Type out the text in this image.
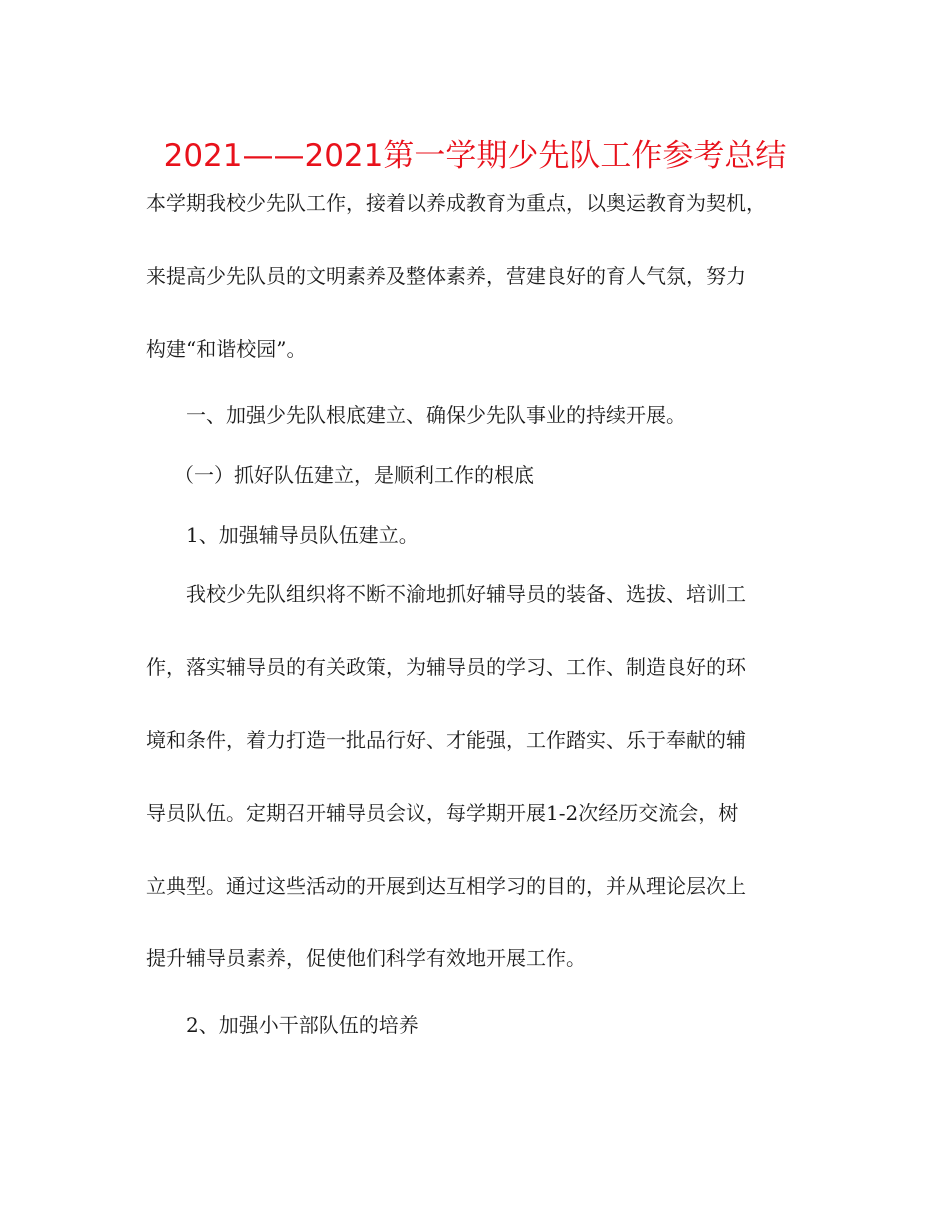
2021——2021第一学期少先队工作参考总结
本学期我校少先队工作，接着以养成教育为重点，以奥运教育为契机，
来提高少先队员的文明素养及整体素养，营建良好的育人气氛，努力
构建“和谐校园”。
一、加强少先队根底建立、确保少先队事业的持续开展。
（一）抓好队伍建立，是顺利工作的根底
1、加强辅导员队伍建立。
我校少先队组织将不断不渝地抓好辅导员的装备、选拔、培训工
作，落实辅导员的有关政策，为辅导员的学习、工作、制造良好的环
境和条件，着力打造一批品行好、才能强，工作踏实、乐于奉献的辅
导员队伍。定期召开辅导员会议，每学期开展1-2次经历交流会，树
立典型。通过这些活动的开展到达互相学习的目的，并从理论层次上
提升辅导员素养，促使他们科学有效地开展工作。
2、加强小干部队伍的培养
